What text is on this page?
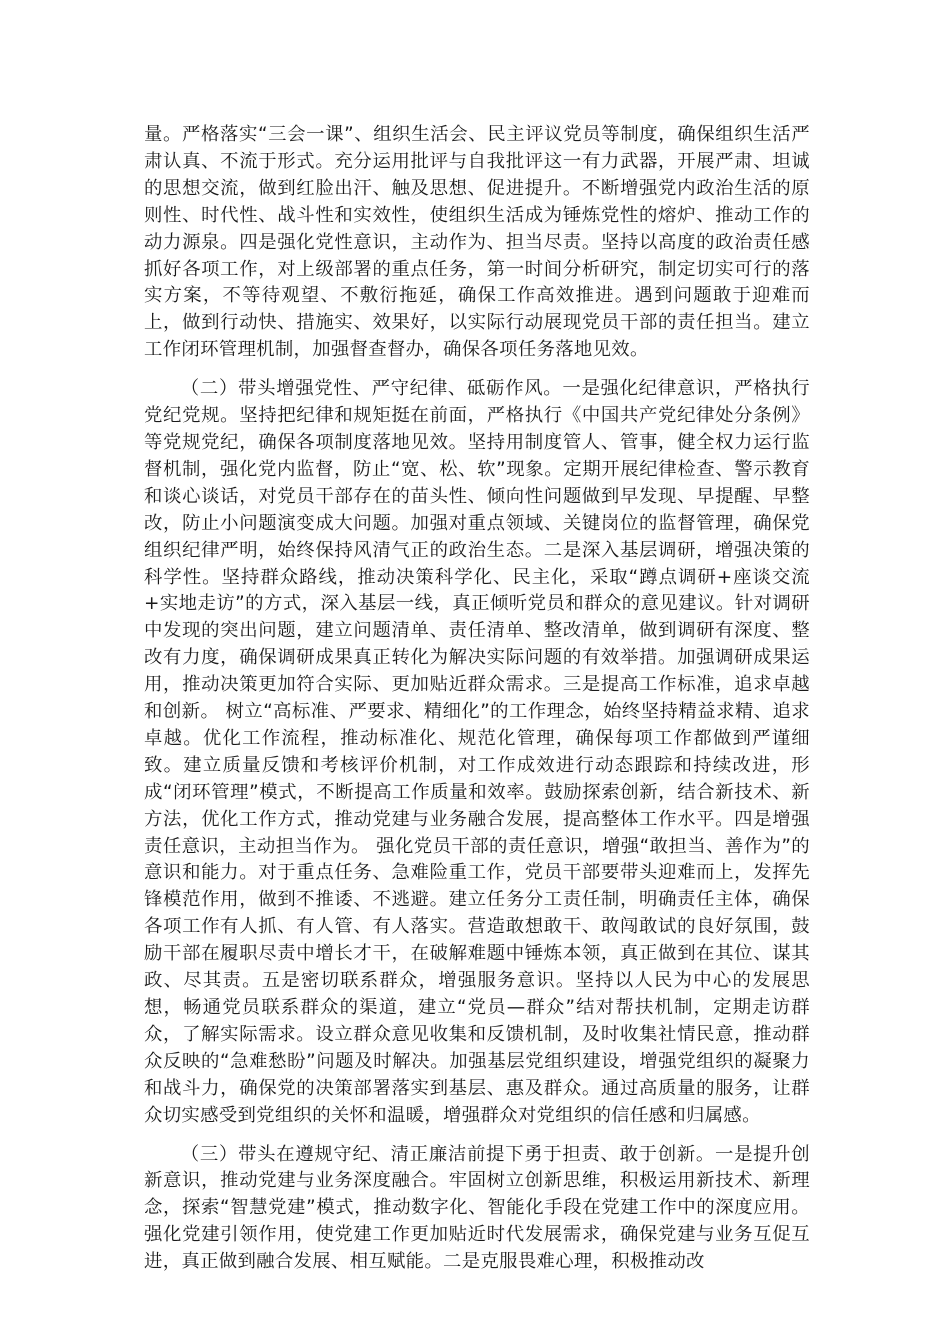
量。严格落实“三会一课”、组织生活会、民主评议党员等制度，确保组织生活严肃认真、不流于形式。充分运用批评与自我批评这一有力武器，开展严肃、坦诚的思想交流，做到红脸出汗、触及思想、促进提升。不断增强党内政治生活的原则性、时代性、战斗性和实效性，使组织生活成为锤炼党性的熔炉、推动工作的动力源泉。四是强化党性意识，主动作为、担当尽责。坚持以高度的政治责任感抓好各项工作，对上级部署的重点任务，第一时间分析研究，制定切实可行的落实方案，不等待观望、不敷衍拖延，确保工作高效推进。遇到问题敢于迎难而上，做到行动快、措施实、效果好，以实际行动展现党员干部的责任担当。建立工作闭环管理机制，加强督查督办，确保各项任务落地见效。

（二）带头增强党性、严守纪律、砥砺作风。一是强化纪律意识，严格执行党纪党规。坚持把纪律和规矩挺在前面，严格执行《中国共产党纪律处分条例》等党规党纪，确保各项制度落地见效。坚持用制度管人、管事，健全权力运行监督机制，强化党内监督，防止“宽、松、软”现象。定期开展纪律检查、警示教育和谈心谈话，对党员干部存在的苗头性、倾向性问题做到早发现、早提醒、早整改，防止小问题演变成大问题。加强对重点领域、关键岗位的监督管理，确保党组织纪律严明，始终保持风清气正的政治生态。二是深入基层调研，增强决策的科学性。坚持群众路线，推动决策科学化、民主化，采取“蹲点调研+座谈交流+实地走访”的方式，深入基层一线，真正倾听党员和群众的意见建议。针对调研中发现的突出问题，建立问题清单、责任清单、整改清单，做到调研有深度、整改有力度，确保调研成果真正转化为解决实际问题的有效举措。加强调研成果运用，推动决策更加符合实际、更加贴近群众需求。三是提高工作标准，追求卓越和创新。 树立“高标准、严要求、精细化”的工作理念，始终坚持精益求精、追求卓越。优化工作流程，推动标准化、规范化管理，确保每项工作都做到严谨细致。建立质量反馈和考核评价机制，对工作成效进行动态跟踪和持续改进，形成“闭环管理”模式，不断提高工作质量和效率。鼓励探索创新，结合新技术、新方法，优化工作方式，推动党建与业务融合发展，提高整体工作水平。四是增强责任意识，主动担当作为。 强化党员干部的责任意识，增强“敢担当、善作为”的意识和能力。对于重点任务、急难险重工作，党员干部要带头迎难而上，发挥先锋模范作用，做到不推诿、不逃避。建立任务分工责任制，明确责任主体，确保各项工作有人抓、有人管、有人落实。营造敢想敢干、敢闯敢试的良好氛围，鼓励干部在履职尽责中增长才干，在破解难题中锤炼本领，真正做到在其位、谋其政、尽其责。五是密切联系群众，增强服务意识。坚持以人民为中心的发展思想，畅通党员联系群众的渠道，建立“党员—群众”结对帮扶机制，定期走访群众，了解实际需求。设立群众意见收集和反馈机制，及时收集社情民意，推动群众反映的“急难愁盼”问题及时解决。加强基层党组织建设，增强党组织的凝聚力和战斗力，确保党的决策部署落实到基层、惠及群众。通过高质量的服务，让群众切实感受到党组织的关怀和温暖，增强群众对党组织的信任感和归属感。

（三）带头在遵规守纪、清正廉洁前提下勇于担责、敢于创新。一是提升创新意识，推动党建与业务深度融合。牢固树立创新思维，积极运用新技术、新理念，探索“智慧党建”模式，推动数字化、智能化手段在党建工作中的深度应用。强化党建引领作用，使党建工作更加贴近时代发展需求，确保党建与业务互促互进，真正做到融合发展、相互赋能。二是克服畏难心理，积极推动改
